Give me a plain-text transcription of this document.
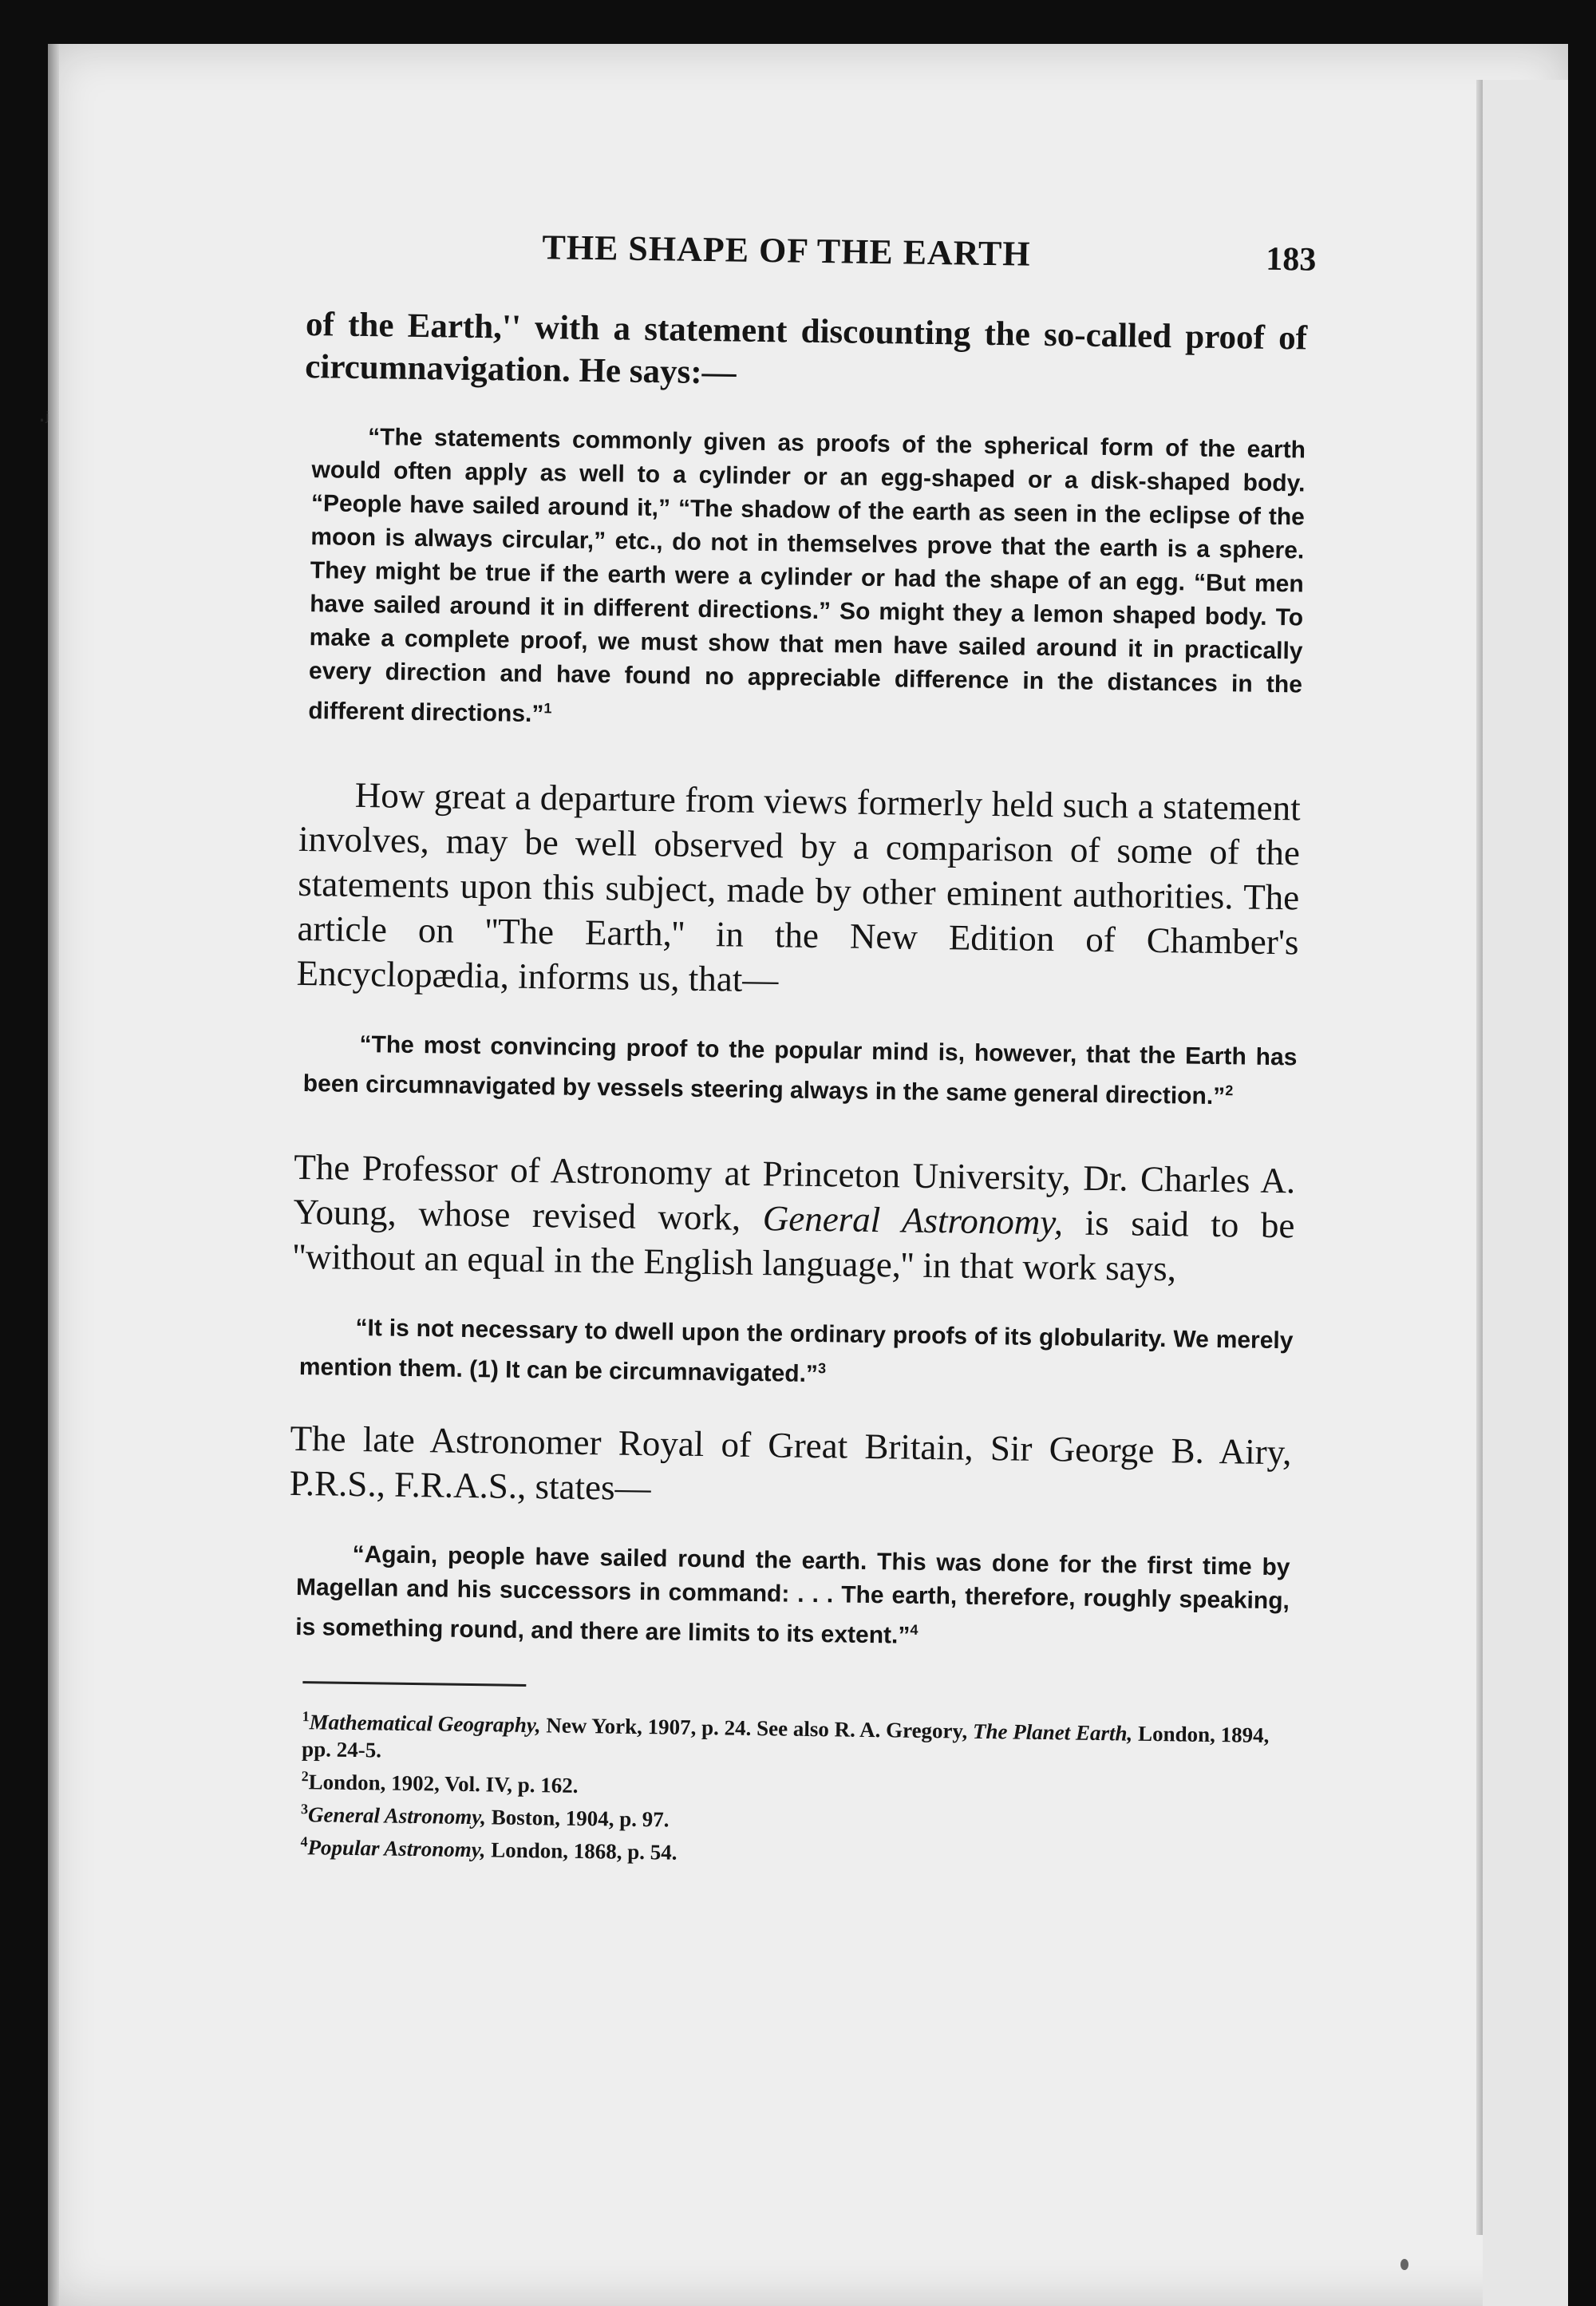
·ʲ
THE SHAPE OF THE EARTH	183

of the Earth,'' with a statement discounting the so-called proof of circumnavigation. He says:—

“The statements commonly given as proofs of the spherical form of the earth would often apply as well to a cylinder or an egg-shaped or a disk-shaped body. “People have sailed around it,” “The shadow of the earth as seen in the eclipse of the moon is always circular,” etc., do not in themselves prove that the earth is a sphere. They might be true if the earth were a cylinder or had the shape of an egg. “But men have sailed around it in different directions.” So might they a lemon shaped body. To make a complete proof, we must show that men have sailed around it in practically every direction and have found no appreciable difference in the distances in the different directions.”$^1$

How great a departure from views formerly held such a statement involves, may be well observed by a comparison of some of the statements upon this subject, made by other eminent authorities. The article on ''The Earth,'' in the New Edition of Chamber's Encyclopædia, informs us, that—

“The most convincing proof to the popular mind is, however, that the Earth has been circumnavigated by vessels steering always in the same general direction.”$^2$

The Professor of Astronomy at Princeton University, Dr. Charles A. Young, whose revised work, General Astronomy, is said to be ''without an equal in the English language,'' in that work says,

“It is not necessary to dwell upon the ordinary proofs of its globularity. We merely mention them. (1) It can be circumnavigated.”$^3$

The late Astronomer Royal of Great Britain, Sir George B. Airy, P.R.S., F.R.A.S., states—

“Again, people have sailed round the earth. This was done for the first time by Magellan and his successors in command: . . . The earth, therefore, roughly speaking, is something round, and there are limits to its extent.”$^4$

$^1$Mathematical Geography, New York, 1907, p. 24. See also R. A. Gregory, The Planet Earth, London, 1894, pp. 24-5.
$^2$London, 1902, Vol. IV, p. 162.
$^3$General Astronomy, Boston, 1904, p. 97.
$^4$Popular Astronomy, London, 1868, p. 54.
